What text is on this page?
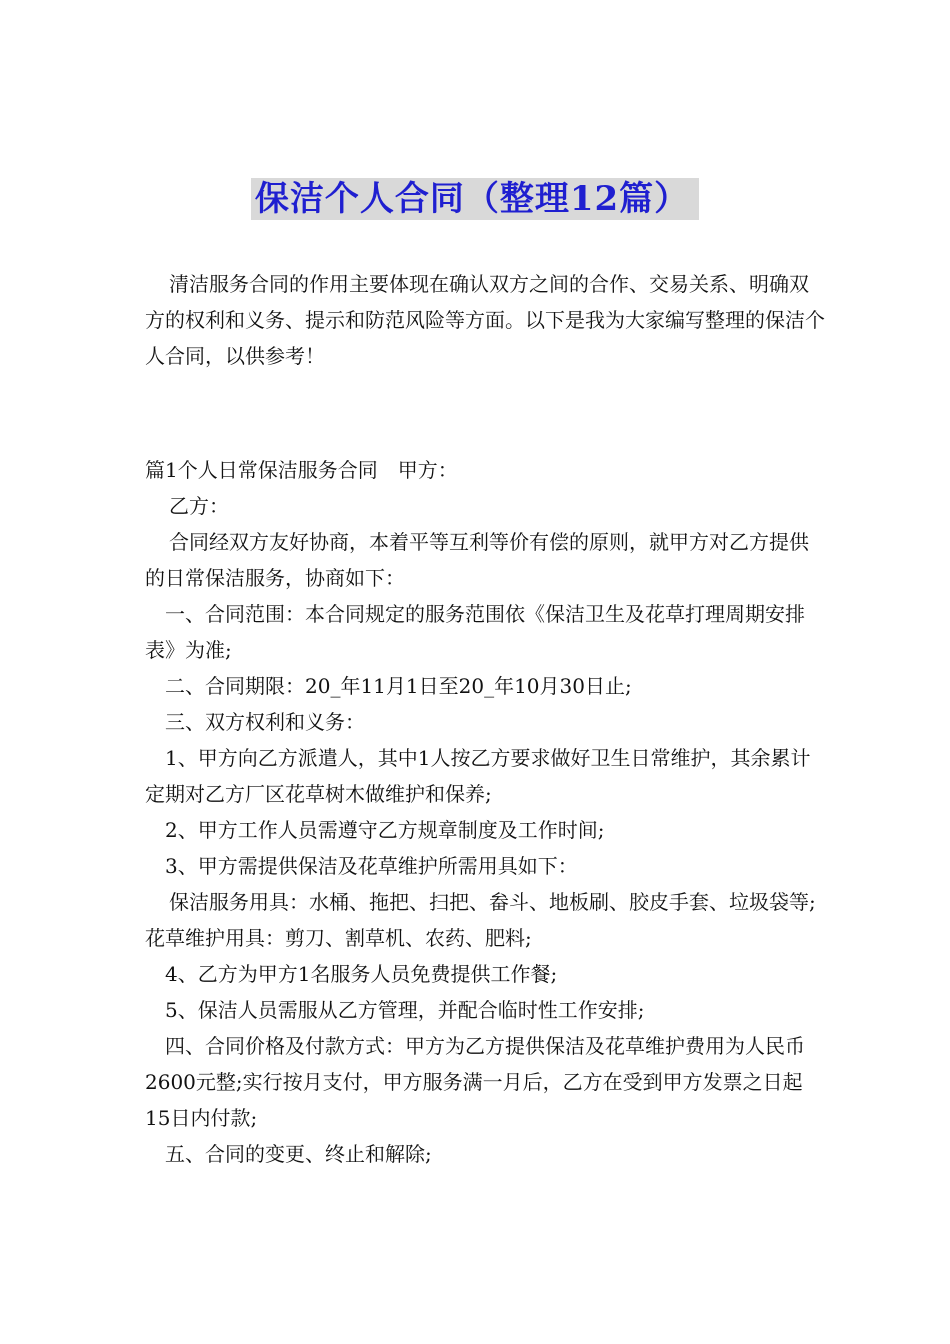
保洁个人合同（整理12篇）

清洁服务合同的作用主要体现在确认双方之间的合作、交易关系、明确双方的权利和义务、提示和防范风险等方面。以下是我为大家编写整理的保洁个人合同，以供参考！

篇1个人日常保洁服务合同　甲方：

乙方：

合同经双方友好协商，本着平等互利等价有偿的原则，就甲方对乙方提供的日常保洁服务，协商如下：

一、合同范围：本合同规定的服务范围依《保洁卫生及花草打理周期安排表》为准;

二、合同期限：20_年11月1日至20_年10月30日止;

三、双方权利和义务：

1、甲方向乙方派遣人，其中1人按乙方要求做好卫生日常维护，其余累计定期对乙方厂区花草树木做维护和保养;

2、甲方工作人员需遵守乙方规章制度及工作时间;

3、甲方需提供保洁及花草维护所需用具如下：

保洁服务用具：水桶、拖把、扫把、畚斗、地板刷、胶皮手套、垃圾袋等; 花草维护用具：剪刀、割草机、农药、肥料;

4、乙方为甲方1名服务人员免费提供工作餐;

5、保洁人员需服从乙方管理，并配合临时性工作安排;

四、合同价格及付款方式：甲方为乙方提供保洁及花草维护费用为人民币2600元整;实行按月支付，甲方服务满一月后，乙方在受到甲方发票之日起15日内付款;

五、合同的变更、终止和解除;
